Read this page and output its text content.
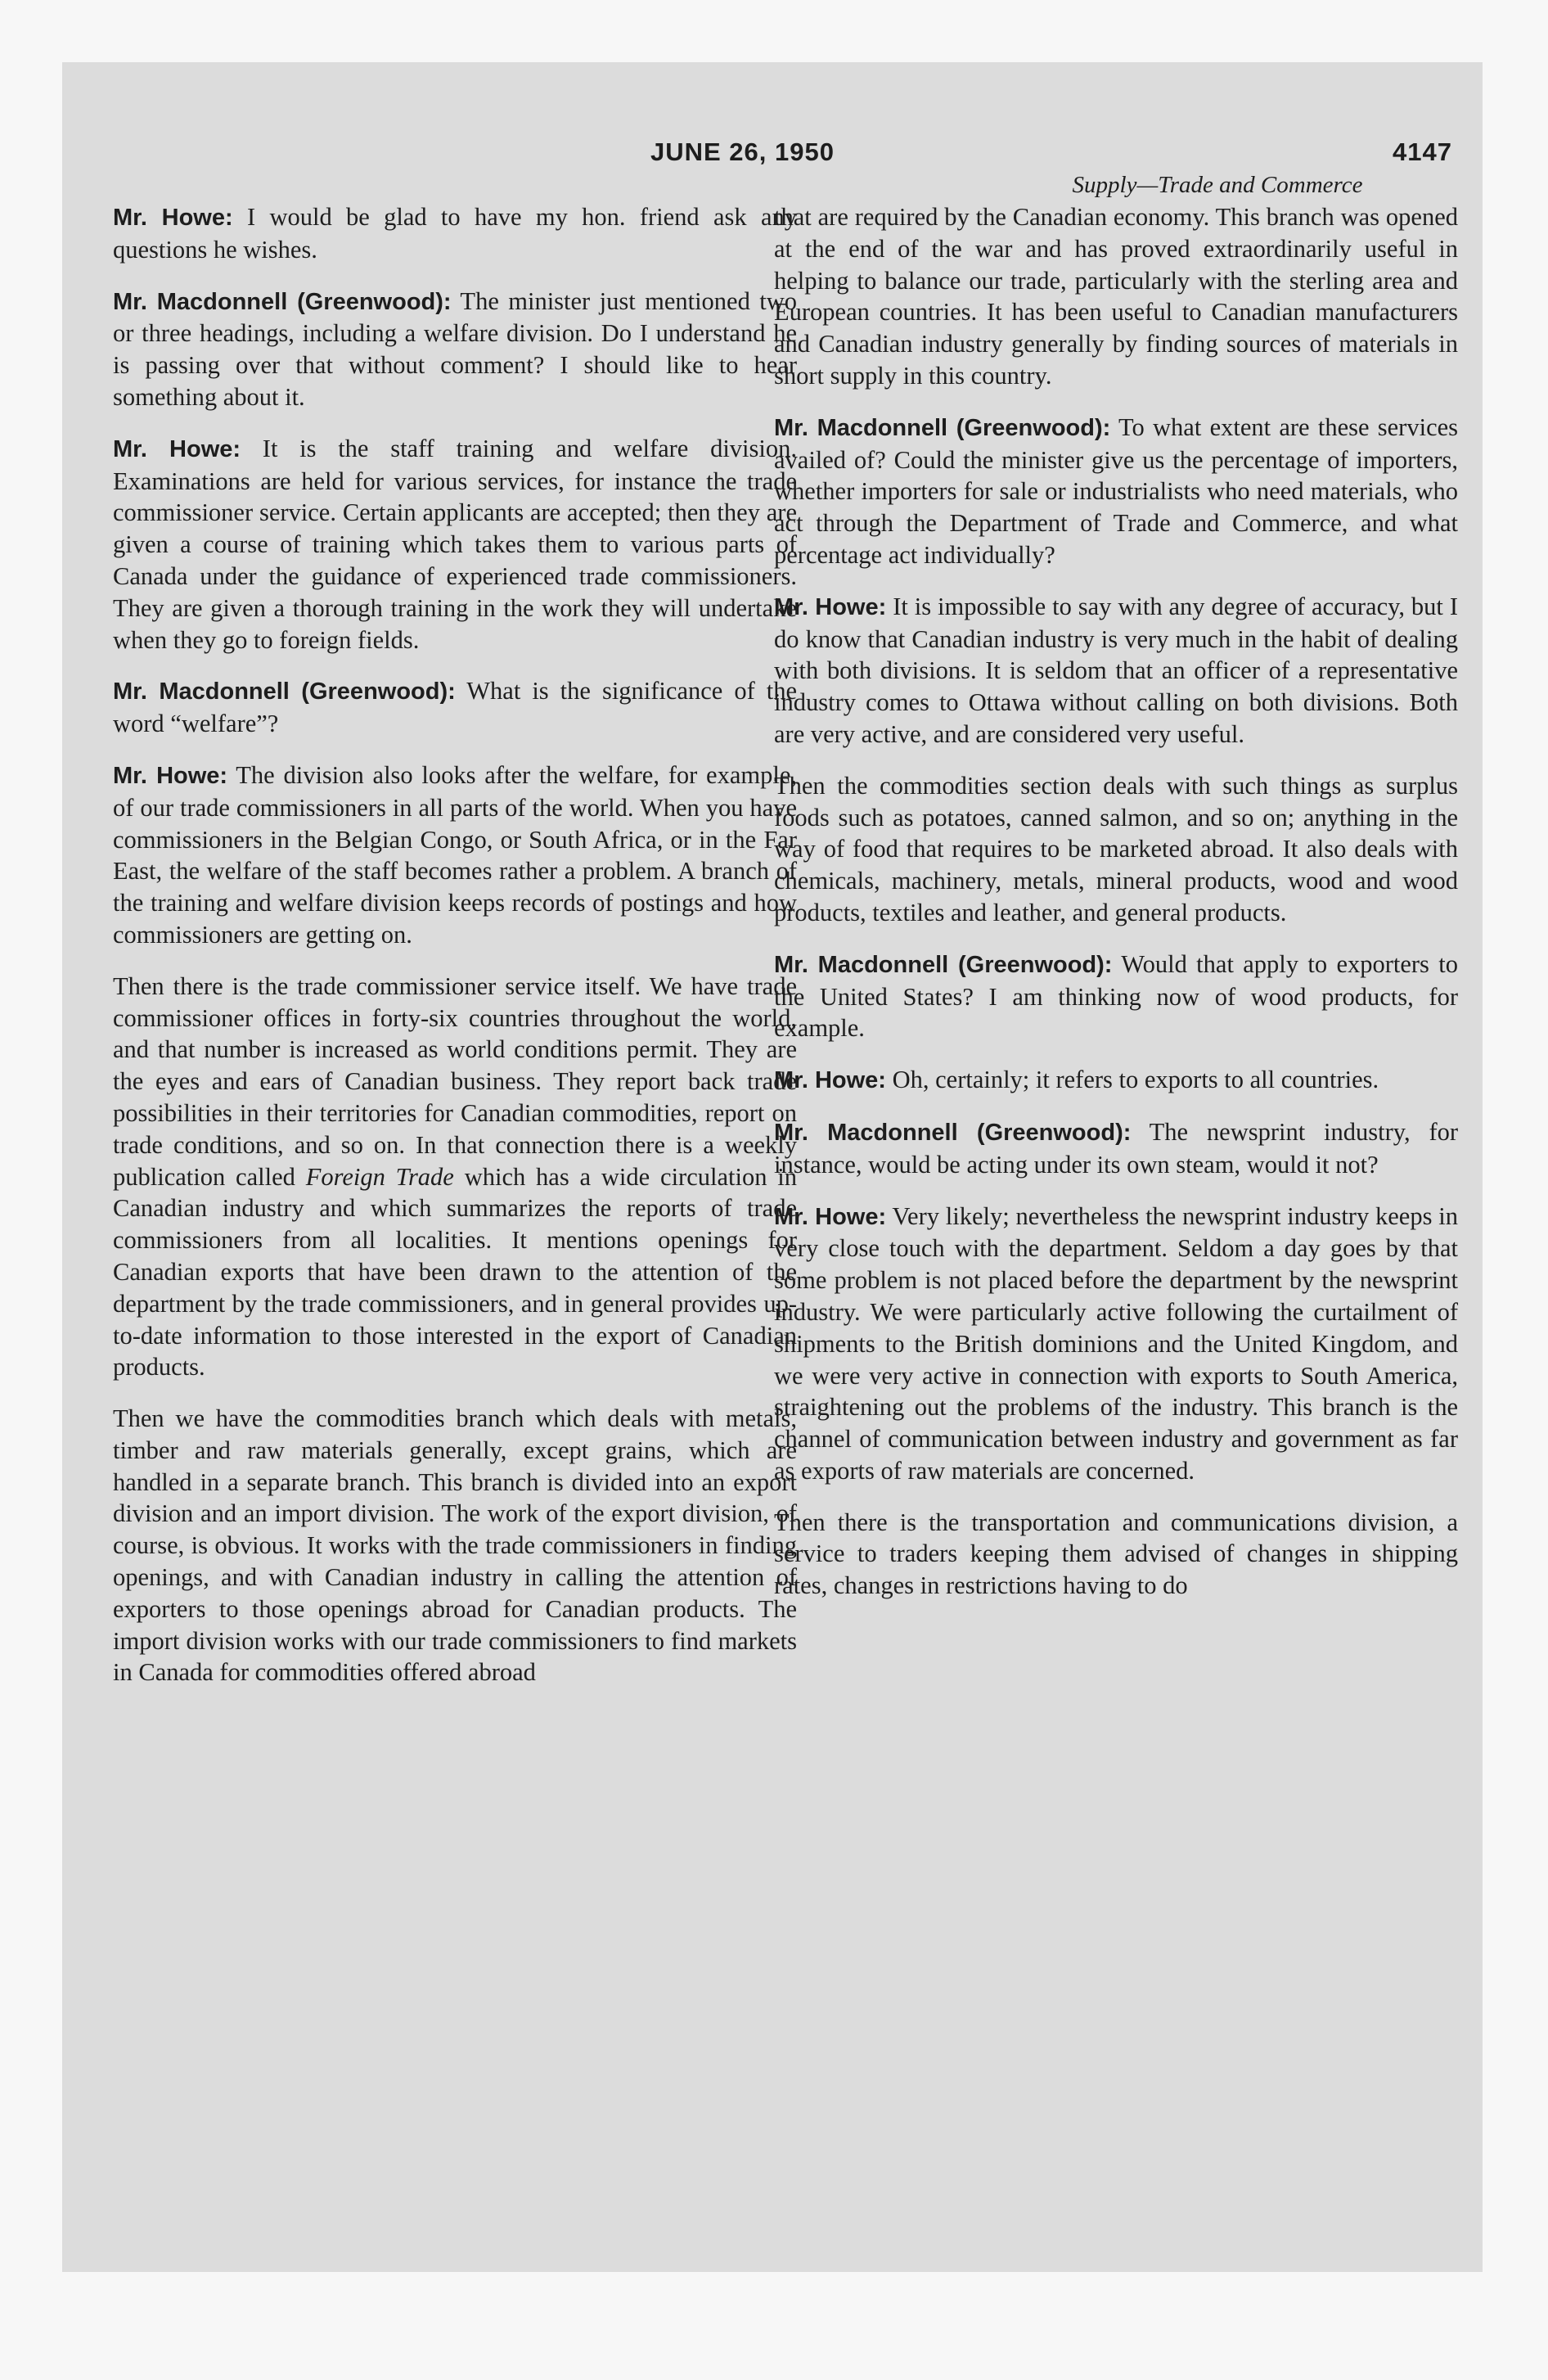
JUNE 26, 1950	4147

Supply—Trade and Commerce

Mr. Howe: I would be glad to have my hon. friend ask any questions he wishes.

Mr. Macdonnell (Greenwood): The minister just mentioned two or three headings, including a welfare division. Do I understand he is passing over that without comment? I should like to hear something about it.

Mr. Howe: It is the staff training and welfare division. Examinations are held for various services, for instance the trade commissioner service. Certain applicants are accepted; then they are given a course of training which takes them to various parts of Canada under the guidance of experienced trade commissioners. They are given a thorough training in the work they will undertake when they go to foreign fields.

Mr. Macdonnell (Greenwood): What is the significance of the word “welfare”?

Mr. Howe: The division also looks after the welfare, for example, of our trade commissioners in all parts of the world. When you have commissioners in the Belgian Congo, or South Africa, or in the Far East, the welfare of the staff becomes rather a problem. A branch of the training and welfare division keeps records of postings and how commissioners are getting on.

Then there is the trade commissioner service itself. We have trade commissioner offices in forty-six countries throughout the world, and that number is increased as world conditions permit. They are the eyes and ears of Canadian business. They report back trade possibilities in their territories for Canadian commodities, report on trade conditions, and so on. In that connection there is a weekly publication called Foreign Trade which has a wide circulation in Canadian industry and which summarizes the reports of trade commissioners from all localities. It mentions openings for Canadian exports that have been drawn to the attention of the department by the trade commissioners, and in general provides up-to-date information to those interested in the export of Canadian products.

Then we have the commodities branch which deals with metals, timber and raw materials generally, except grains, which are handled in a separate branch. This branch is divided into an export division and an import division. The work of the export division, of course, is obvious. It works with the trade commissioners in finding openings, and with Canadian industry in calling the attention of exporters to those openings abroad for Canadian products. The import division works with our trade commissioners to find markets in Canada for commodities offered abroad

that are required by the Canadian economy. This branch was opened at the end of the war and has proved extraordinarily useful in helping to balance our trade, particularly with the sterling area and European countries. It has been useful to Canadian manufacturers and Canadian industry generally by finding sources of materials in short supply in this country.

Mr. Macdonnell (Greenwood): To what extent are these services availed of? Could the minister give us the percentage of importers, whether importers for sale or industrialists who need materials, who act through the Department of Trade and Commerce, and what percentage act individually?

Mr. Howe: It is impossible to say with any degree of accuracy, but I do know that Canadian industry is very much in the habit of dealing with both divisions. It is seldom that an officer of a representative industry comes to Ottawa without calling on both divisions. Both are very active, and are considered very useful.

Then the commodities section deals with such things as surplus foods such as potatoes, canned salmon, and so on; anything in the way of food that requires to be marketed abroad. It also deals with chemicals, machinery, metals, mineral products, wood and wood products, textiles and leather, and general products.

Mr. Macdonnell (Greenwood): Would that apply to exporters to the United States? I am thinking now of wood products, for example.

Mr. Howe: Oh, certainly; it refers to exports to all countries.

Mr. Macdonnell (Greenwood): The newsprint industry, for instance, would be acting under its own steam, would it not?

Mr. Howe: Very likely; nevertheless the newsprint industry keeps in very close touch with the department. Seldom a day goes by that some problem is not placed before the department by the newsprint industry. We were particularly active following the curtailment of shipments to the British dominions and the United Kingdom, and we were very active in connection with exports to South America, straightening out the problems of the industry. This branch is the channel of communication between industry and government as far as exports of raw materials are concerned.

Then there is the transportation and communications division, a service to traders keeping them advised of changes in shipping rates, changes in restrictions having to do
